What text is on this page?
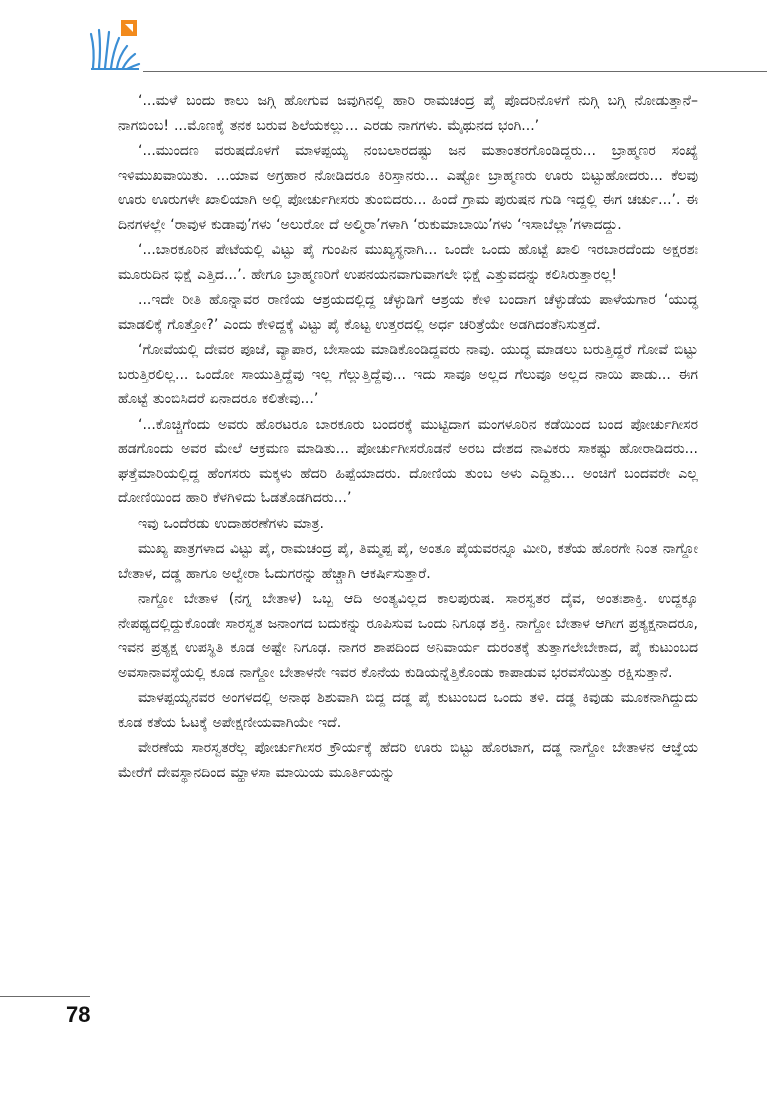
‘...ಮಳೆ ಬಂದು ಕಾಲು ಜಗ್ಗಿ ಹೋಗುವ ಜವುಗಿನಲ್ಲಿ ಹಾರಿ ರಾಮಚಂದ್ರ ಪೈ ಪೊದರಿನೊಳಗೆ ನುಗ್ಗಿ ಬಗ್ಗಿ ನೋಡುತ್ತಾನೆ– ನಾಗಬಿಂಬ! ...ಮೊಣಕೈ ತನಕ ಬರುವ ಶಿಲೆಯಕಲ್ಲು... ಎರಡು ನಾಗಗಳು. ಮೈಥುನದ ಭಂಗಿ...’

‘...ಮುಂದಣ ವರುಷದೊಳಗೆ ಮಾಳಪ್ಪಯ್ಯ ನಂಬಲಾರದಷ್ಟು ಜನ ಮತಾಂತರಗೊಂಡಿದ್ದರು... ಬ್ರಾಹ್ಮಣರ ಸಂಖ್ಯೆ ಇಳಿಮುಖವಾಯಿತು. ...ಯಾವ ಅಗ್ರಹಾರ ನೋಡಿದರೂ ಕಿರಿಸ್ತಾನರು... ಎಷ್ಟೋ ಬ್ರಾಹ್ಮಣರು ಊರು ಬಿಟ್ಟುಹೋದರು... ಕೆಲವು ಊರು ಊರುಗಳೇ ಖಾಲಿಯಾಗಿ ಅಲ್ಲಿ ಪೋರ್ಚುಗೀಸರು ತುಂಬಿದರು... ಹಿಂದೆ ಗ್ರಾಮ ಪುರುಷನ ಗುಡಿ ಇದ್ದಲ್ಲಿ ಈಗ ಚರ್ಚು...’. ಈ ದಿನಗಳಲ್ಲೇ ‘ರಾವುಳ ಕುಡಾವು’ಗಳು ‘ಅಲುರೋ ದೆ ಅಲ್ಮಿರಾ’ಗಳಾಗಿ ‘ರುಕುಮಾಬಾಯಿ’ಗಳು ‘ಇಸಾಬೆಲ್ಲಾ’ಗಳಾದದ್ದು.

‘...ಬಾರಕೂರಿನ ಪೇಟೆಯಲ್ಲಿ ವಿಟ್ಟು ಪೈ ಗುಂಪಿನ ಮುಖ್ಯಸ್ಥನಾಗಿ... ಒಂದೇ ಒಂದು ಹೊಟ್ಟೆ ಖಾಲಿ ಇರಬಾರದೆಂದು ಅಕ್ಷರಶಃ ಮೂರುದಿನ ಭಿಕ್ಷೆ ಎತ್ತಿದ...’. ಹೇಗೂ ಬ್ರಾಹ್ಮಣರಿಗೆ ಉಪನಯನವಾಗುವಾಗಲೇ ಭಿಕ್ಷೆ ಎತ್ತುವದನ್ನು ಕಲಿಸಿರುತ್ತಾರಲ್ಲ!

...ಇದೇ ರೀತಿ ಹೊನ್ನಾವರ ರಾಣಿಯ ಆಶ್ರಯದಲ್ಲಿದ್ದ ಚೆಳ್ಳುಡಿಗೆ ಆಶ್ರಯ ಕೇಳಿ ಬಂದಾಗ ಚೆಳ್ಳುಡೆಯ ಪಾಳೆಯಗಾರ ‘ಯುದ್ಧ ಮಾಡಲಿಕ್ಕೆ ಗೊತ್ತೋ?’ ಎಂದು ಕೇಳಿದ್ದಕ್ಕೆ ವಿಟ್ಟು ಪೈ ಕೊಟ್ಟ ಉತ್ತರದಲ್ಲಿ ಅರ್ಧ ಚರಿತ್ರೆಯೇ ಅಡಗಿದಂತೆನಿಸುತ್ತದೆ.

‘ಗೋವೆಯಲ್ಲಿ ದೇವರ ಪೂಜೆ, ವ್ಯಾಪಾರ, ಬೇಸಾಯ ಮಾಡಿಕೊಂಡಿದ್ದವರು ನಾವು. ಯುದ್ಧ ಮಾಡಲು ಬರುತ್ತಿದ್ದರೆ ಗೋವೆ ಬಿಟ್ಟು ಬರುತ್ತಿರಲಿಲ್ಲ... ಒಂದೋ ಸಾಯುತ್ತಿದ್ದೆವು ಇಲ್ಲ ಗೆಲ್ಲುತ್ತಿದ್ದೆವು... ಇದು ಸಾವೂ ಅಲ್ಲದ ಗೆಲುವೂ ಅಲ್ಲದ ನಾಯಿ ಪಾಡು... ಈಗ ಹೊಟ್ಟೆ ತುಂಬಿಸಿದರೆ ಏನಾದರೂ ಕಲಿತೇವು...’

‘...ಕೊಚ್ಚಿಗೆಂದು ಅವರು ಹೊರಟರೂ ಬಾರಕೂರು ಬಂದರಕ್ಕೆ ಮುಟ್ಟಿದಾಗ ಮಂಗಳೂರಿನ ಕಡೆಯಿಂದ ಬಂದ ಪೋರ್ಚುಗೀಸರ ಹಡಗೊಂದು ಅವರ ಮೇಲೆ ಆಕ್ರಮಣ ಮಾಡಿತು... ಪೋರ್ಚುಗೀಸರೊಡನೆ ಅರಬ ದೇಶದ ನಾವಿಕರು ಸಾಕಷ್ಟು ಹೋರಾಡಿದರು... ಘತ್ತೆಮಾರಿಯಲ್ಲಿದ್ದ ಹೆಂಗಸರು ಮಕ್ಕಳು ಹೆದರಿ ಹಿಪ್ಪೆಯಾದರು. ದೋಣಿಯ ತುಂಬ ಅಳು ಎದ್ದಿತು... ಅಂಚಿಗೆ ಬಂದವರೇ ಎಲ್ಲ ದೋಣಿಯಿಂದ ಹಾರಿ ಕೆಳಗಿಳಿದು ಓಡತೊಡಗಿದರು...’

ಇವು ಒಂದೆರಡು ಉದಾಹರಣೆಗಳು ಮಾತ್ರ.

ಮುಖ್ಯ ಪಾತ್ರಗಳಾದ ವಿಟ್ಟು ಪೈ, ರಾಮಚಂದ್ರ ಪೈ, ತಿಮ್ಮಪ್ಪ ಪೈ, ಅಂತೂ ಪೈಯವರನ್ನೂ ಮೀರಿ, ಕತೆಯ ಹೊರಗೇ ನಿಂತ ನಾಗ್ದೋ ಬೇತಾಳ, ದಡ್ಡ ಹಾಗೂ ಅಲ್ವೇರಾ ಓದುಗರನ್ನು ಹೆಚ್ಚಾಗಿ ಆಕರ್ಷಿಸುತ್ತಾರೆ.

ನಾಗ್ದೋ ಬೇತಾಳ (ನಗ್ನ ಬೇತಾಳ) ಒಬ್ಬ ಆದಿ ಅಂತ್ಯವಿಲ್ಲದ ಕಾಲಪುರುಷ. ಸಾರಸ್ವತರ ದೈವ, ಅಂತಃಶಾಕ್ತಿ. ಉದ್ದಕ್ಕೂ ನೇಪಥ್ಯದಲ್ಲಿದ್ದುಕೊಂಡೇ ಸಾರಸ್ವತ ಜನಾಂಗದ ಬದುಕನ್ನು ರೂಪಿಸುವ ಒಂದು ನಿಗೂಢ ಶಕ್ತಿ. ನಾಗ್ದೋ ಬೇತಾಳ ಆಗೀಗ ಪ್ರತ್ಯಕ್ಷನಾದರೂ, ಇವನ ಪ್ರತ್ಯಕ್ಷ ಉಪಸ್ಥಿತಿ ಕೂಡ ಅಷ್ಟೇ ನಿಗೂಢ. ನಾಗರ ಶಾಪದಿಂದ ಅನಿವಾರ್ಯ ದುರಂತಕ್ಕೆ ತುತ್ತಾಗಲೇಬೇಕಾದ, ಪೈ ಕುಟುಂಬದ ಅವಸಾನಾವಸ್ಥೆಯಲ್ಲಿ ಕೂಡ ನಾಗ್ದೋ ಬೇತಾಳನೇ ಇವರ ಕೊನೆಯ ಕುಡಿಯನ್ನೆತ್ತಿಕೊಂಡು ಕಾಪಾಡುವ ಭರವಸೆಯಿತ್ತು ರಕ್ಷಿಸುತ್ತಾನೆ.

ಮಾಳಪ್ಪಯ್ಯನವರ ಅಂಗಳದಲ್ಲಿ ಅನಾಥ ಶಿಶುವಾಗಿ ಬಿದ್ದ ದಡ್ಡ ಪೈ ಕುಟುಂಬದ ಒಂದು ತಳಿ. ದಡ್ಡ ಕಿವುಡು ಮೂಕನಾಗಿದ್ದುದು ಕೂಡ ಕತೆಯ ಓಟಕ್ಕೆ ಅಪೇಕ್ಷಣೀಯವಾಗಿಯೇ ಇದೆ.

ವೇರಣೆಯ ಸಾರಸ್ವತರೆಲ್ಲ ಪೋರ್ಚುಗೀಸರ ಕ್ರೌರ್ಯಕ್ಕೆ ಹೆದರಿ ಊರು ಬಿಟ್ಟು ಹೊರಟಾಗ, ದಡ್ಡ ನಾಗ್ದೋ ಬೇತಾಳನ ಆಜ್ಞೆಯ ಮೇರೆಗೆ ದೇವಸ್ಥಾನದಿಂದ ಮ್ಹಾಳಸಾ ಮಾಯಿಯ ಮೂರ್ತಿಯನ್ನು

78
